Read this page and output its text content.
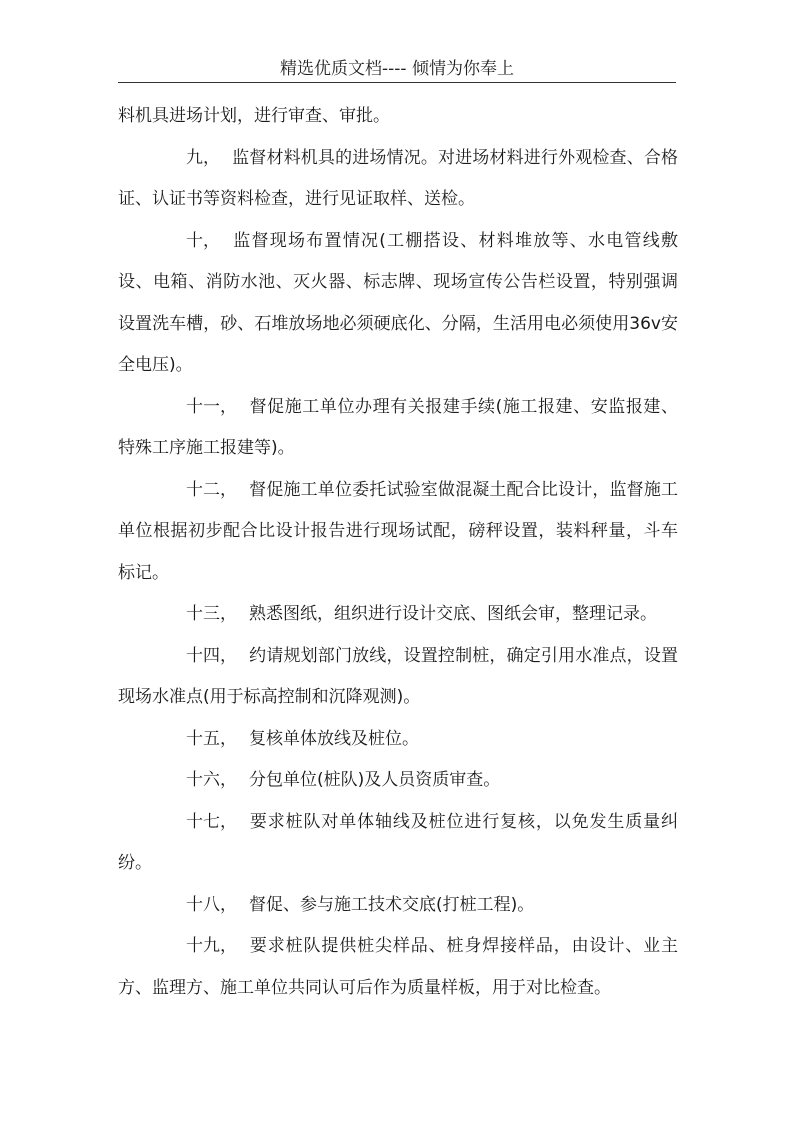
精选优质文档---- 倾情为你奉上

料机具进场计划，进行审查、审批。

九， 监督材料机具的进场情况。对进场材料进行外观检查、合格证、认证书等资料检查，进行见证取样、送检。

十， 监督现场布置情况(工棚搭设、材料堆放等、水电管线敷设、电箱、消防水池、灭火器、标志牌、现场宣传公告栏设置，特别强调设置洗车槽，砂、石堆放场地必须硬底化、分隔，生活用电必须使用36v安全电压)。

十一， 督促施工单位办理有关报建手续(施工报建、安监报建、特殊工序施工报建等)。

十二， 督促施工单位委托试验室做混凝土配合比设计，监督施工单位根据初步配合比设计报告进行现场试配，磅秤设置，装料秤量，斗车标记。

十三， 熟悉图纸，组织进行设计交底、图纸会审，整理记录。

十四， 约请规划部门放线，设置控制桩，确定引用水准点，设置现场水准点(用于标高控制和沉降观测)。

十五， 复核单体放线及桩位。

十六， 分包单位(桩队)及人员资质审查。

十七， 要求桩队对单体轴线及桩位进行复核，以免发生质量纠纷。

十八， 督促、参与施工技术交底(打桩工程)。

十九， 要求桩队提供桩尖样品、桩身焊接样品，由设计、业主方、监理方、施工单位共同认可后作为质量样板，用于对比检查。
